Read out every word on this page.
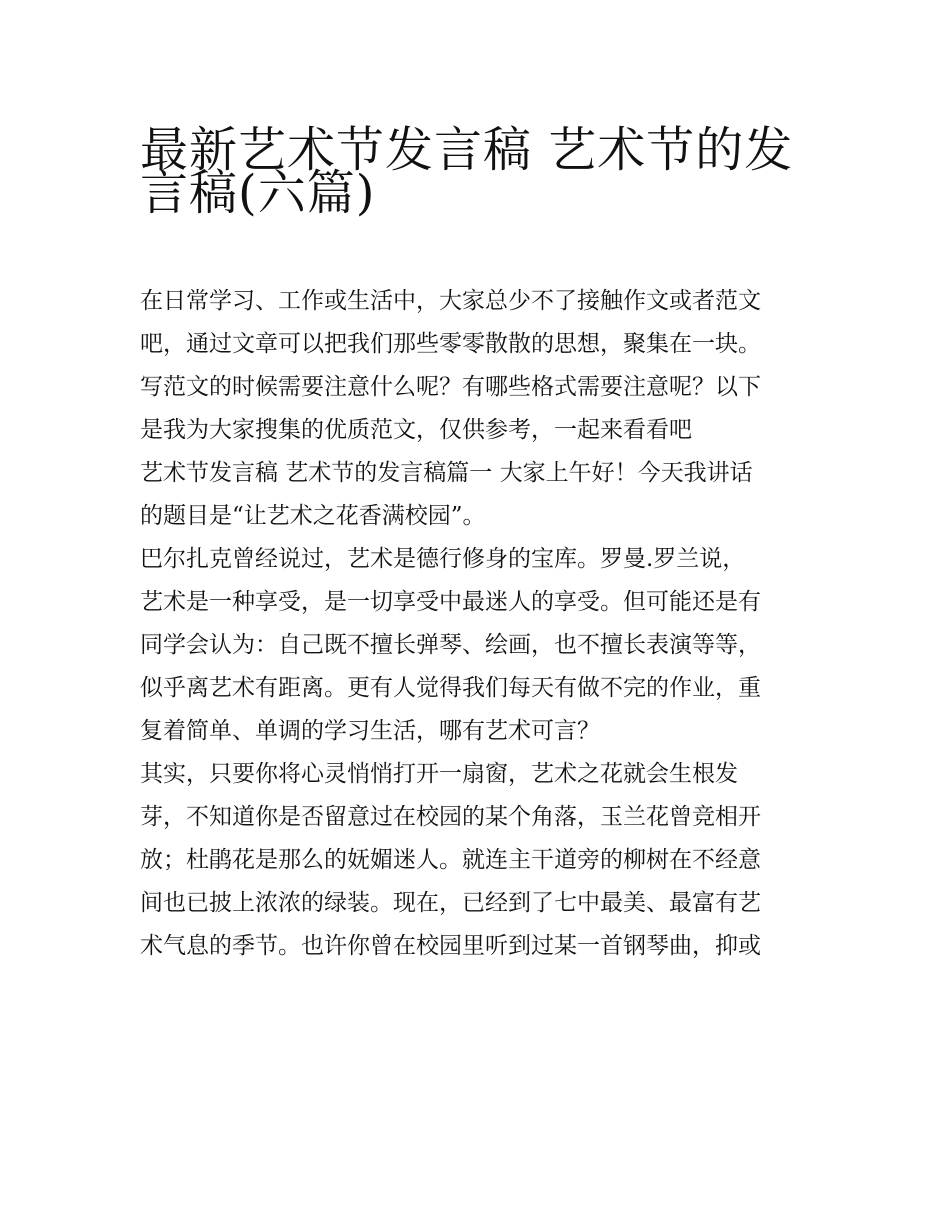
最新艺术节发言稿 艺术节的发
言稿(六篇)

在日常学习、工作或生活中，大家总少不了接触作文或者范文
吧，通过文章可以把我们那些零零散散的思想，聚集在一块。
写范文的时候需要注意什么呢？有哪些格式需要注意呢？以下
是我为大家搜集的优质范文，仅供参考，一起来看看吧

艺术节发言稿 艺术节的发言稿篇一 大家上午好！今天我讲话
的题目是“让艺术之花香满校园”。

巴尔扎克曾经说过，艺术是德行修身的宝库。罗曼.罗兰说，
艺术是一种享受，是一切享受中最迷人的享受。但可能还是有
同学会认为：自己既不擅长弹琴、绘画，也不擅长表演等等，
似乎离艺术有距离。更有人觉得我们每天有做不完的作业，重
复着简单、单调的学习生活，哪有艺术可言？

其实，只要你将心灵悄悄打开一扇窗，艺术之花就会生根发
芽，不知道你是否留意过在校园的某个角落，玉兰花曾竞相开
放；杜鹃花是那么的妩媚迷人。就连主干道旁的柳树在不经意
间也已披上浓浓的绿装。现在，已经到了七中最美、最富有艺
术气息的季节。也许你曾在校园里听到过某一首钢琴曲，抑或
